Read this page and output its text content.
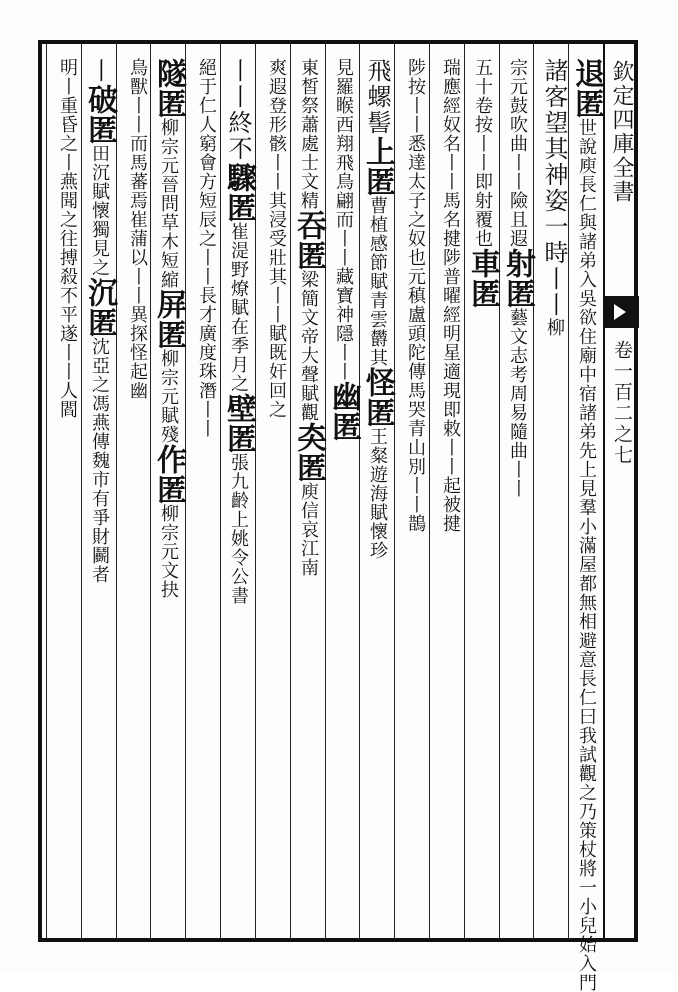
欽定四庫全書
卷一百二之七
退匿世說庾長仁與諸弟入吳欲住廟中宿諸弟先上見羣小滿屋都無相避意長仁曰我試觀之乃策杖將一小兒始入門
諸客望其神姿一時丨丨柳
宗元鼓吹曲丨丨險且遐射匿藝文志考周易隨曲丨丨
五十卷按丨丨即射覆也車匿
瑞應經奴名丨丨馬名揵陟普曜經明星適現即敕丨丨起被揵
陟按丨丨悉達太子之奴也元稹盧頭陀傳馬哭青山別丨丨鵲
飛螺髻上匿曹植感節賦青雲欝其怪匿王粲遊海賦懷珍
見羅睺西翔飛鳥翩而丨丨藏寶神隱丨丨幽匿
東皙祭蕭處士文精吞匿梁簡文帝大聲賦觀㚐匿庾信哀江南
爽遐登形骸丨丨其浸受壯其丨丨賦既奸回之
丨丨終不驟匿崔湜野燎賦在季月之壁匿張九齡上姚令公書
絕于仁人窮會方短辰之丨丨長才廣度珠潛丨丨
隧匿柳宗元晉問草木短縮屏匿柳宗元賦殘作匿柳宗元文抉
鳥獸丨丨而馬蕃焉崔蒲以丨丨異探怪起幽
丨破匿田沉賦懷獨見之沉匿沈亞之馮燕傳魏市有爭財鬬者
明丨重昏之丨燕聞之往搏殺不平遂丨丨人閻
